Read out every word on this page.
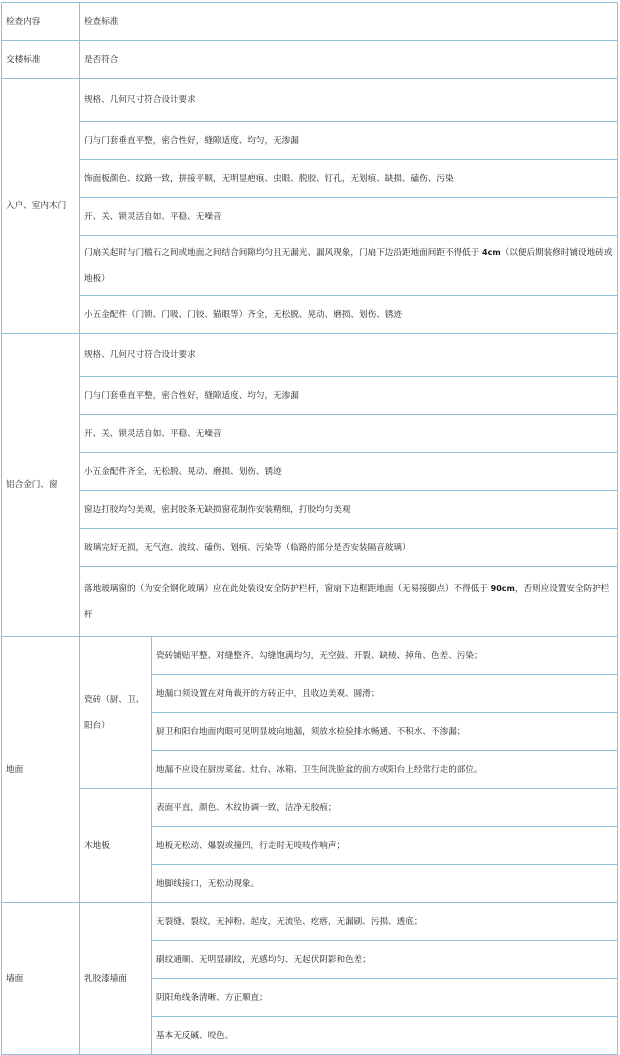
检查内容	检查标准	
交楼标准	是否符合	
入户、室内木门	规格、几何尺寸符合设计要求	
	门与门套垂直平整，密合性好，缝隙适度、均匀，无渗漏	
	饰面板颜色、纹路一致，拼接平顺，无明显疤痕、虫眼、脱胶、钉孔，无划痕、缺损、磕伤、污染	
	开、关、锁灵活自如、平稳、无噪音	
	门扇关起时与门槛石之间或地面之间结合间隙均匀且无漏光、漏风现象，门扇下边沿距地面间距不得低于 4cm（以便后期装修时铺设地砖或地板）	
	小五金配件（门锁、门吸、门铰、猫眼等）齐全，无松脱、晃动、磨损、划伤、锈迹	
铝合金门、窗	规格、几何尺寸符合设计要求	
	门与门套垂直平整，密合性好，缝隙适度、均匀，无渗漏	
	开、关、锁灵活自如、平稳、无噪音	
	小五金配件齐全，无松脱、晃动、磨损、划伤、锈迹	
	窗边打胶均匀美观，密封胶条无缺损窗花制作安装精细，打胶均匀美观	
	玻璃完好无损，无气泡、波纹、磕伤、划痕、污染等（临路的部分是否安装隔音玻璃）	
	落地玻璃窗的（为安全钢化玻璃）应在此处装设安全防护栏杆，窗扇下边框距地面（无易接脚点）不得低于 90cm，否则应设置安全防护栏杆	
地面	瓷砖（厨、卫、阳台）	瓷砖铺贴平整、对缝整齐、勾缝饱满均匀，无空鼓、开裂、缺棱、掉角、色差、污染；
		地漏口须设置在对角裁开的方砖正中，且收边美观、圆滑；
		厨卫和阳台地面肉眼可见明显坡向地漏，须放水检验排水畅通、不积水、不渗漏；
		地漏不应设在厨房菜盆、灶台、冰箱、卫生间洗脸盆的前方或阳台上经常行走的部位。
	木地板	表面平直，颜色、木纹协调一致，洁净无胶痕；
		地板无松动、爆裂或撞凹，行走时无吱吱作响声；
		地脚线接口，无松动现象。
墙面	乳胶漆墙面	无裂缝、裂纹，无掉粉、起皮，无流坠、疙瘩，无漏刷、污损、透底；
		刷纹通顺、无明显刷纹，光感均匀、无起伏阴影和色差；
		阴阳角线条清晰、方正顺直；
		基本无反碱、咬色。
